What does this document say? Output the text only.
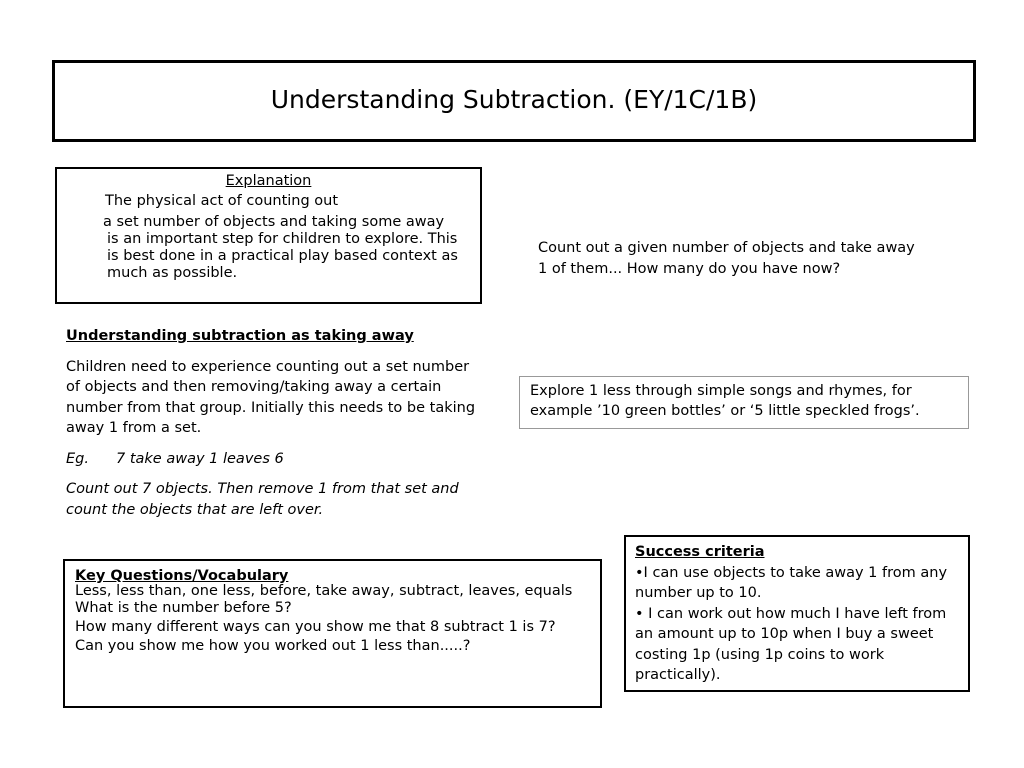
Understanding Subtraction. (EY/1C/1B)
Explanation
The physical act of counting out
a set number of objects and taking some away
is an important step for children to explore. This is best done in a practical play based context as much as possible.
Count out a given number of objects and take away 1 of them... How many do you have now?
Understanding subtraction as taking away

Children need to experience counting out a set number of objects and then removing/taking away a certain number from that group. Initially this needs to be taking away 1 from a set.

Eg. 7 take away 1 leaves 6

Count out 7 objects. Then remove 1 from that set and count the objects that are left over.

Explore 1 less through simple songs and rhymes, for example ’10 green bottles’ or ‘5 little speckled frogs’.
Success criteria
•I can use objects to take away 1 from any number up to 10.
• I can work out how much I have left from an amount up to 10p when I buy a sweet costing 1p (using 1p coins to work practically).
Key Questions/Vocabulary
Less, less than, one less, before, take away, subtract, leaves, equals
What is the number before 5?
How many different ways can you show me that 8 subtract 1 is 7?
Can you show me how you worked out 1 less than.....?
